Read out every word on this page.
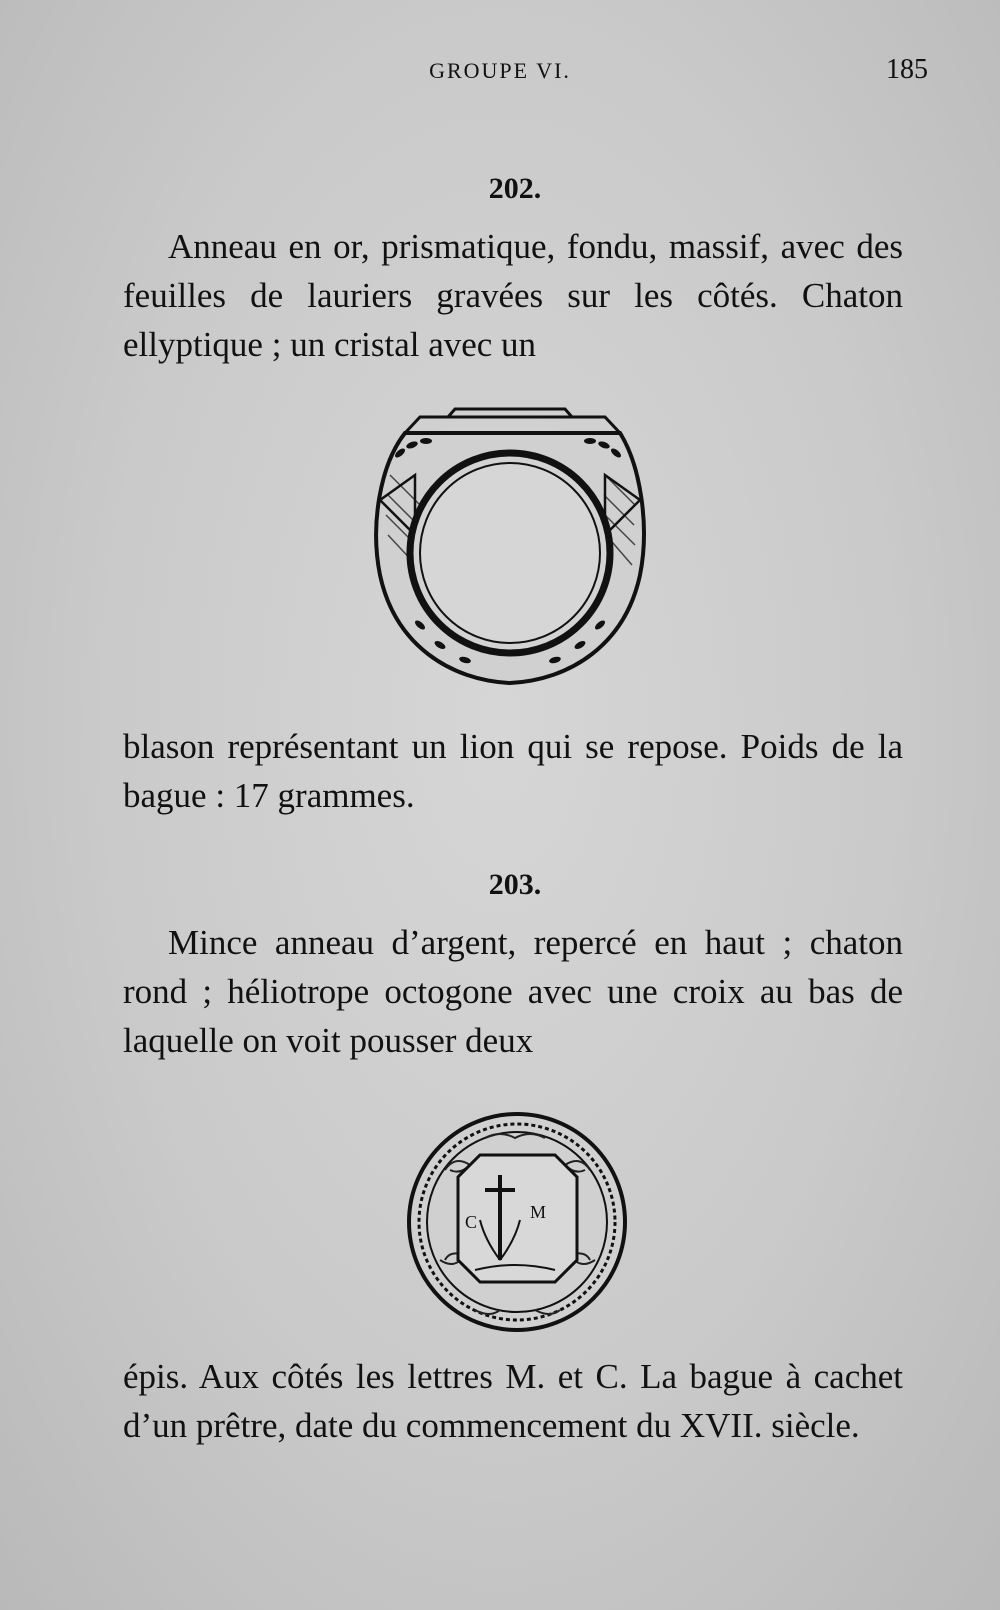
GROUPE VI.	185
202.

Anneau en or, prismatique, fondu, massif, avec des feuilles de lauriers gravées sur les côtés. Chaton ellyptique ; un cristal avec un

blason représentant un lion qui se repose. Poids de la bague : 17 grammes.

203.

Mince anneau d’argent, repercé en haut ; chaton rond ; héliotrope octogone avec une croix au bas de laquelle on voit pousser deux

C	M

épis. Aux côtés les lettres M. et C. La bague à cachet d’un prêtre, date du commencement du XVII. siècle.
